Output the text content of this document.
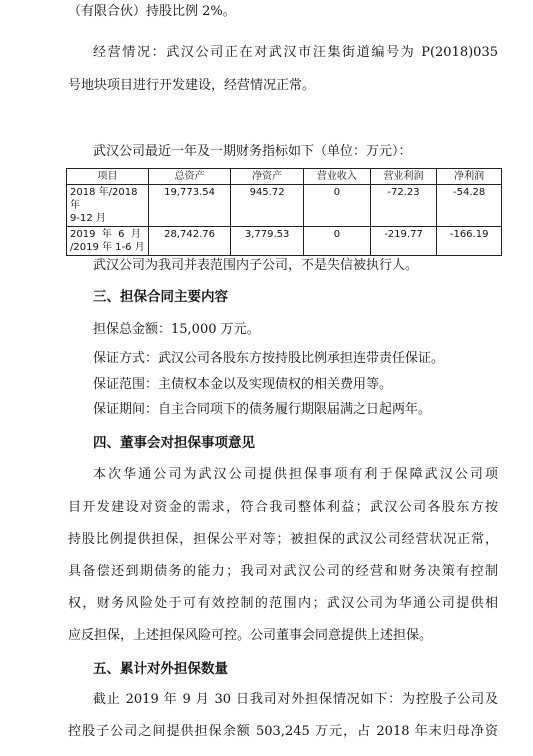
（有限合伙）持股比例 2%。
经营情况：武汉公司正在对武汉市汪集街道编号为 P(2018)035
号地块项目进行开发建设，经营情况正常。
武汉公司最近一年及一期财务指标如下（单位：万元）：
项目	总资产	净资产	营业收入	营业利润	净利润

2018 年/2018 年
9-12 月	19,773.54	945.72	0	-72.23	-54.28

2019  年  6  月
/2019 年 1-6 月	28,742.76	3,779.53	0	-219.77	-166.19
武汉公司为我司并表范围内子公司，不是失信被执行人。
三、担保合同主要内容
担保总金额：15,000 万元。
保证方式：武汉公司各股东方按持股比例承担连带责任保证。
保证范围：主债权本金以及实现债权的相关费用等。
保证期间：自主合同项下的债务履行期限届满之日起两年。
四、董事会对担保事项意见
本次华通公司为武汉公司提供担保事项有利于保障武汉公司项
目开发建设对资金的需求，符合我司整体利益；武汉公司各股东方按
持股比例提供担保，担保公平对等；被担保的武汉公司经营状况正常，
具备偿还到期债务的能力；我司对武汉公司的经营和财务决策有控制
权，财务风险处于可有效控制的范围内；武汉公司为华通公司提供相
应反担保，上述担保风险可控。公司董事会同意提供上述担保。
五、累计对外担保数量
截止 2019 年 9 月 30 日我司对外担保情况如下：为控股子公司及
控股子公司之间提供担保余额 503,245 万元，占 2018 年末归母净资
